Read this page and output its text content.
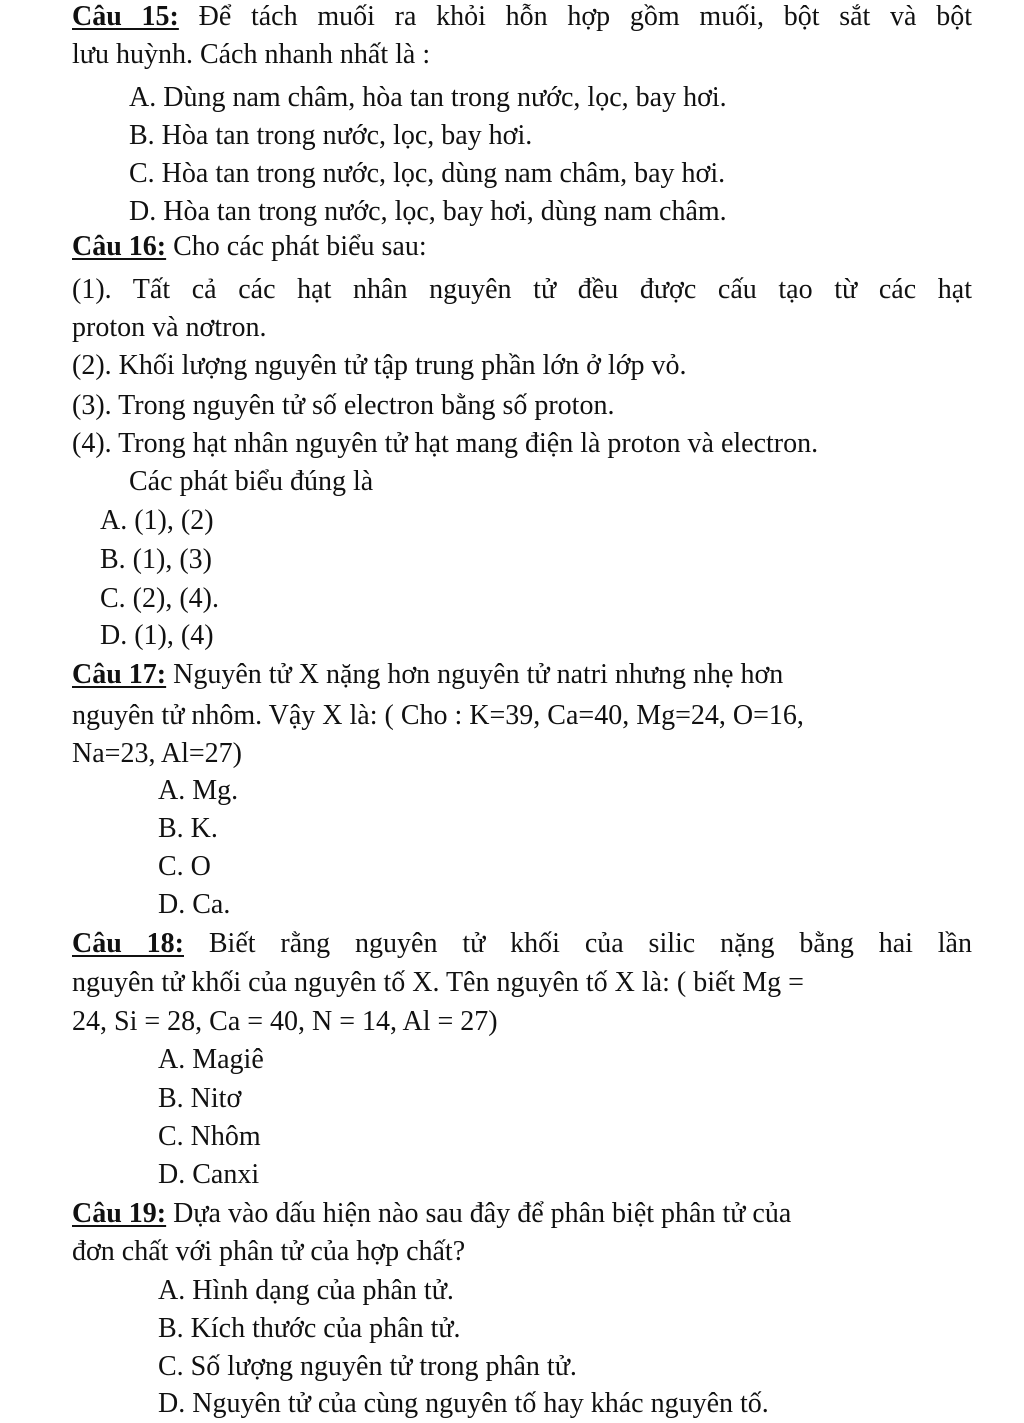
Câu 15: Để tách muối ra khỏi hỗn hợp gồm muối, bột sắt và bột
lưu huỳnh. Cách nhanh nhất là :
A. Dùng nam châm, hòa tan trong nước, lọc, bay hơi.
B. Hòa tan trong nước, lọc, bay hơi.
C. Hòa tan trong nước, lọc, dùng nam châm, bay hơi.
D. Hòa tan trong nước, lọc, bay hơi, dùng nam châm.
Câu 16: Cho các phát biểu sau:
(1). Tất cả các hạt nhân nguyên tử đều được cấu tạo từ các hạt
proton và nơtron.
(2). Khối lượng nguyên tử tập trung phần lớn ở lớp vỏ.
(3). Trong nguyên tử số electron bằng số proton.
(4). Trong hạt nhân nguyên tử hạt mang điện là proton và electron.
Các phát biểu đúng là
A. (1), (2)
B. (1), (3)
C. (2), (4).
D. (1), (4)
Câu 17: Nguyên tử X nặng hơn nguyên tử natri nhưng nhẹ hơn
nguyên tử nhôm. Vậy X là: ( Cho : K=39, Ca=40, Mg=24, O=16,
Na=23, Al=27)
A. Mg.
B. K.
C. O
D. Ca.
Câu 18: Biết rằng nguyên tử khối của silic nặng bằng hai lần
nguyên tử khối của nguyên tố X. Tên nguyên tố X là: ( biết Mg =
24, Si = 28, Ca = 40, N = 14, Al = 27)
A. Magiê
B. Nitơ
C. Nhôm
D. Canxi
Câu 19: Dựa vào dấu hiện nào sau đây để phân biệt phân tử của
đơn chất với phân tử của hợp chất?
A. Hình dạng của phân tử.
B. Kích thước của phân tử.
C. Số lượng nguyên tử trong phân tử.
D. Nguyên tử của cùng nguyên tố hay khác nguyên tố.
